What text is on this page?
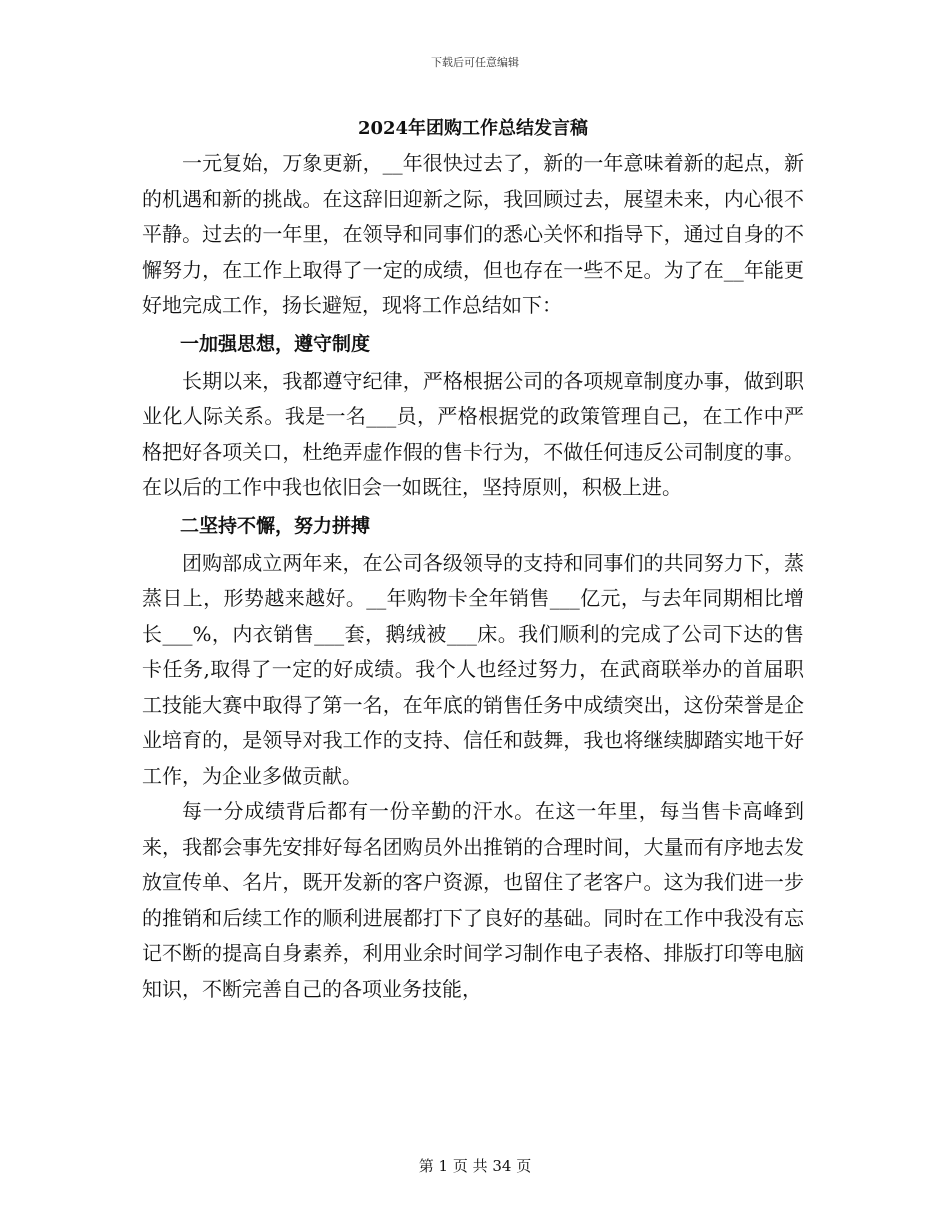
下载后可任意编辑
2024年团购工作总结发言稿

一元复始，万象更新，__年很快过去了，新的一年意味着新的起点，新的机遇和新的挑战。在这辞旧迎新之际，我回顾过去，展望未来，内心很不平静。过去的一年里，在领导和同事们的悉心关怀和指导下，通过自身的不懈努力，在工作上取得了一定的成绩，但也存在一些不足。为了在__年能更好地完成工作，扬长避短，现将工作总结如下：

一加强思想，遵守制度

长期以来，我都遵守纪律，严格根据公司的各项规章制度办事，做到职业化人际关系。我是一名___员，严格根据党的政策管理自己，在工作中严格把好各项关口，杜绝弄虚作假的售卡行为，不做任何违反公司制度的事。在以后的工作中我也依旧会一如既往，坚持原则，积极上进。

二坚持不懈，努力拼搏

团购部成立两年来，在公司各级领导的支持和同事们的共同努力下，蒸蒸日上，形势越来越好。__年购物卡全年销售___亿元，与去年同期相比增长___%，内衣销售___套，鹅绒被___床。我们顺利的完成了公司下达的售卡任务,取得了一定的好成绩。我个人也经过努力，在武商联举办的首届职工技能大赛中取得了第一名，在年底的销售任务中成绩突出，这份荣誉是企业培育的，是领导对我工作的支持、信任和鼓舞，我也将继续脚踏实地干好工作，为企业多做贡献。

每一分成绩背后都有一份辛勤的汗水。在这一年里，每当售卡高峰到来，我都会事先安排好每名团购员外出推销的合理时间，大量而有序地去发放宣传单、名片，既开发新的客户资源，也留住了老客户。这为我们进一步的推销和后续工作的顺利进展都打下了良好的基础。同时在工作中我没有忘记不断的提高自身素养，利用业余时间学习制作电子表格、排版打印等电脑知识，不断完善自己的各项业务技能，

第 1 页 共 34 页
